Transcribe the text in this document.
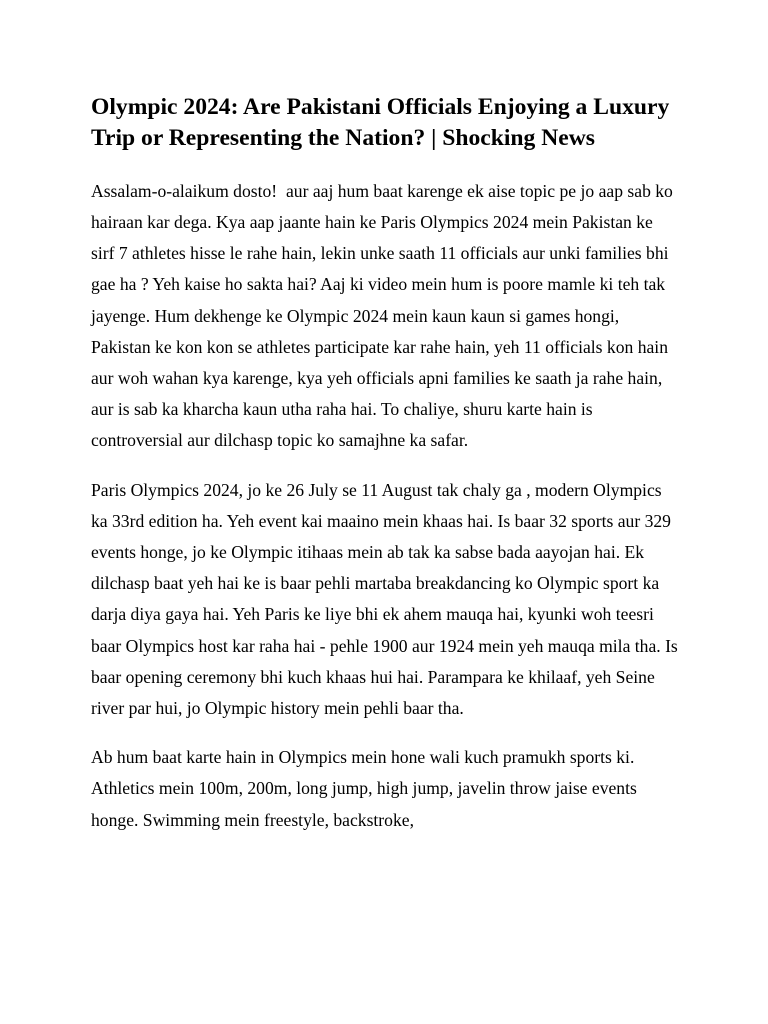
Olympic 2024: Are Pakistani Officials Enjoying a Luxury Trip or Representing the Nation? | Shocking News

Assalam-o-alaikum dosto!  aur aaj hum baat karenge ek aise topic pe jo aap sab ko hairaan kar dega. Kya aap jaante hain ke Paris Olympics 2024 mein Pakistan ke sirf 7 athletes hisse le rahe hain, lekin unke saath 11 officials aur unki families bhi gae ha ? Yeh kaise ho sakta hai? Aaj ki video mein hum is poore mamle ki teh tak jayenge. Hum dekhenge ke Olympic 2024 mein kaun kaun si games hongi, Pakistan ke kon kon se athletes participate kar rahe hain, yeh 11 officials kon hain aur woh wahan kya karenge, kya yeh officials apni families ke saath ja rahe hain, aur is sab ka kharcha kaun utha raha hai. To chaliye, shuru karte hain is controversial aur dilchasp topic ko samajhne ka safar.

Paris Olympics 2024, jo ke 26 July se 11 August tak chaly ga , modern Olympics ka 33rd edition ha. Yeh event kai maaino mein khaas hai. Is baar 32 sports aur 329 events honge, jo ke Olympic itihaas mein ab tak ka sabse bada aayojan hai. Ek dilchasp baat yeh hai ke is baar pehli martaba breakdancing ko Olympic sport ka darja diya gaya hai. Yeh Paris ke liye bhi ek ahem mauqa hai, kyunki woh teesri baar Olympics host kar raha hai - pehle 1900 aur 1924 mein yeh mauqa mila tha. Is baar opening ceremony bhi kuch khaas hui hai. Parampara ke khilaaf, yeh Seine river par hui, jo Olympic history mein pehli baar tha.

Ab hum baat karte hain in Olympics mein hone wali kuch pramukh sports ki. Athletics mein 100m, 200m, long jump, high jump, javelin throw jaise events honge. Swimming mein freestyle, backstroke,
